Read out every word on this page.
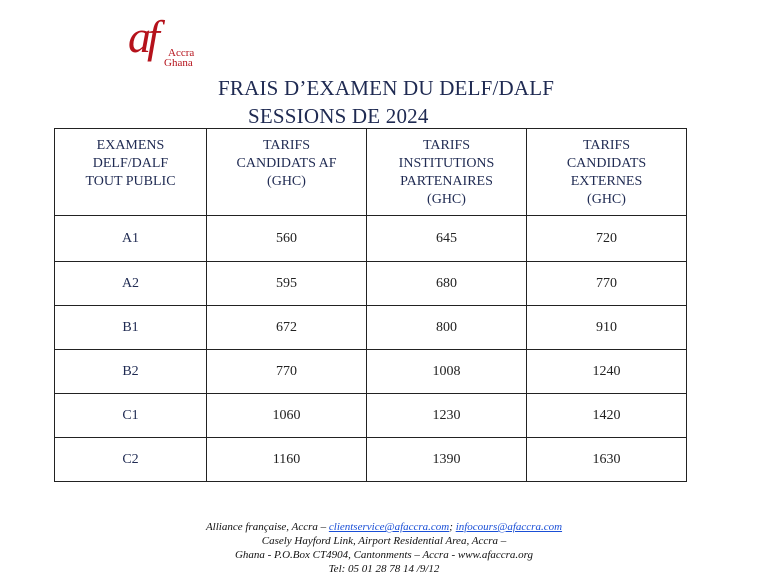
af Accra
Ghana
FRAIS D’EXAMEN DU DELF/DALF
SESSIONS DE 2024
EXAMENS
DELF/DALF
TOUT PUBLIC	TARIFS
CANDIDATS AF
(GHC)	TARIFS
INSTITUTIONS
PARTENAIRES
(GHC)	TARIFS
CANDIDATS
EXTERNES
(GHC)
A1	560	645	720
A2	595	680	770
B1	672	800	910
B2	770	1008	1240
C1	1060	1230	1420
C2	1160	1390	1630
Alliance française, Accra – clientservice@afaccra.com; infocours@afaccra.com
Casely Hayford Link, Airport Residential Area, Accra –
Ghana - P.O.Box CT4904, Cantonments – Accra - www.afaccra.org
Tel: 05 01 28 78 14 /9/12
